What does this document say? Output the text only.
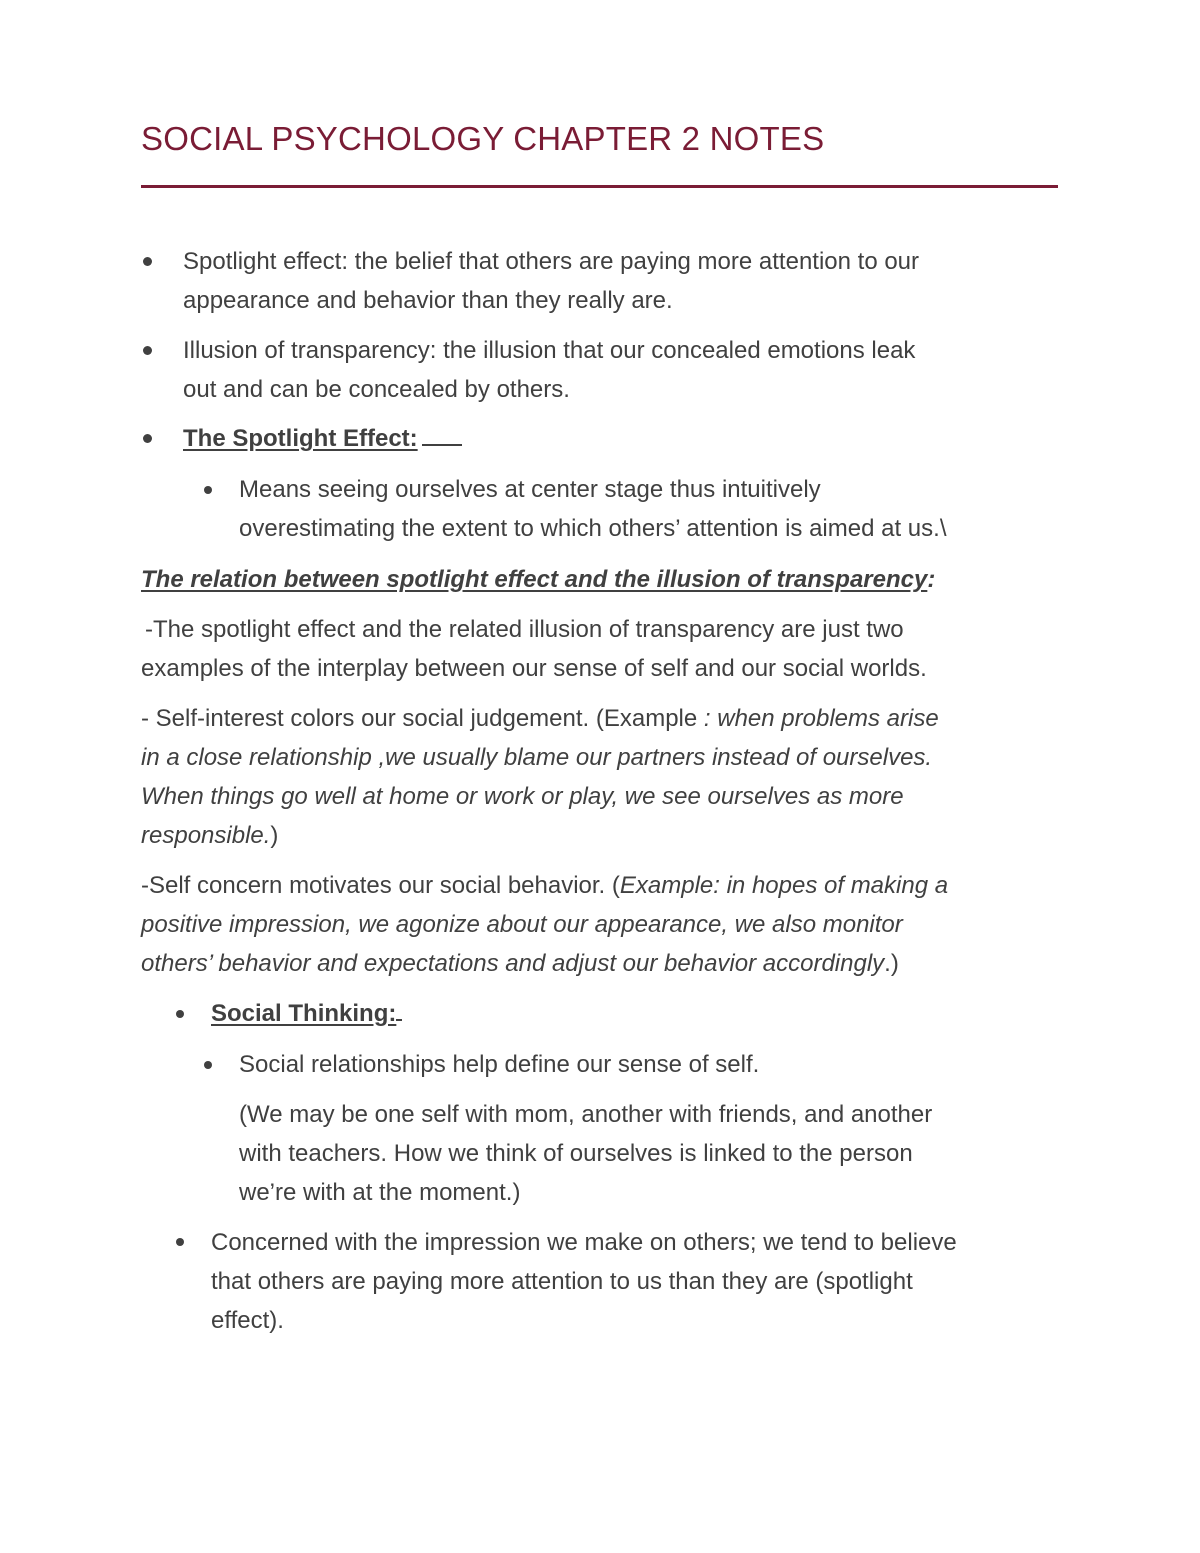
SOCIAL PSYCHOLOGY CHAPTER 2 NOTES
Spotlight effect: the belief that others are paying more attention to our
appearance and behavior than they really are.
Illusion of transparency: the illusion that our concealed emotions leak
out and can be concealed by others.
The Spotlight Effect:
Means seeing ourselves at center stage thus intuitively
overestimating the extent to which others’ attention is aimed at us.\
The relation between spotlight effect and the illusion of transparency:
-The spotlight effect and the related illusion of transparency are just two
examples of the interplay between our sense of self and our social worlds.
- Self-interest colors our social judgement. (Example : when problems arise
in a close relationship ,we usually blame our partners instead of ourselves.
When things go well at home or work or play, we see ourselves as more
responsible.)
-Self concern motivates our social behavior. (Example: in hopes of making a
positive impression, we agonize about our appearance, we also monitor
others’ behavior and expectations and adjust our behavior accordingly.)
Social Thinking:
Social relationships help define our sense of self.
(We may be one self with mom, another with friends, and another
with teachers. How we think of ourselves is linked to the person
we’re with at the moment.)
Concerned with the impression we make on others; we tend to believe
that others are paying more attention to us than they are (spotlight
effect).
